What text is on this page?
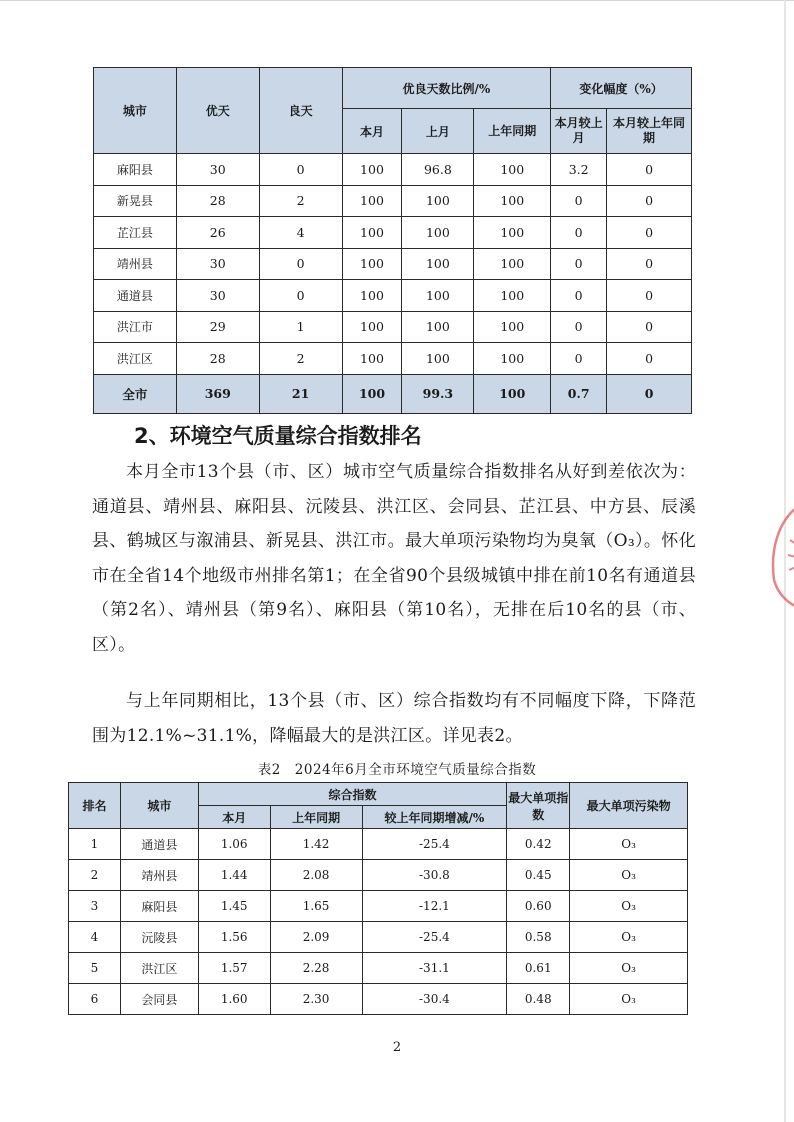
城市	优天	良天	优良天数比例/%			变化幅度（%）	
			本月	上月	上年同期	本月较上月	本月较上年同期
麻阳县	30	0	100	96.8	100	3.2	0
新晃县	28	2	100	100	100	0	0
芷江县	26	4	100	100	100	0	0
靖州县	30	0	100	100	100	0	0
通道县	30	0	100	100	100	0	0
洪江市	29	1	100	100	100	0	0
洪江区	28	2	100	100	100	0	0
全市	369	21	100	99.3	100	0.7	0
2、环境空气质量综合指数排名

本月全市13个县（市、区）城市空气质量综合指数排名从好到差依次为：通道县、靖州县、麻阳县、沅陵县、洪江区、会同县、芷江县、中方县、辰溪县、鹤城区与溆浦县、新晃县、洪江市。最大单项污染物均为臭氧（O₃）。怀化市在全省14个地级市州排名第1；在全省90个县级城镇中排在前10名有通道县（第2名）、靖州县（第9名）、麻阳县（第10名），无排在后10名的县（市、区）。

与上年同期相比，13个县（市、区）综合指数均有不同幅度下降，下降范围为12.1%~31.1%，降幅最大的是洪江区。详见表2。

表2　2024年6月全市环境空气质量综合指数
排名	城市	综合指数			最大单项指数	最大单项污染物
		本月	上年同期	较上年同期增减/%		
1	通道县	1.06	1.42	-25.4	0.42	O₃
2	靖州县	1.44	2.08	-30.8	0.45	O₃
3	麻阳县	1.45	1.65	-12.1	0.60	O₃
4	沅陵县	1.56	2.09	-25.4	0.58	O₃
5	洪江区	1.57	2.28	-31.1	0.61	O₃
6	会同县	1.60	2.30	-30.4	0.48	O₃
2
